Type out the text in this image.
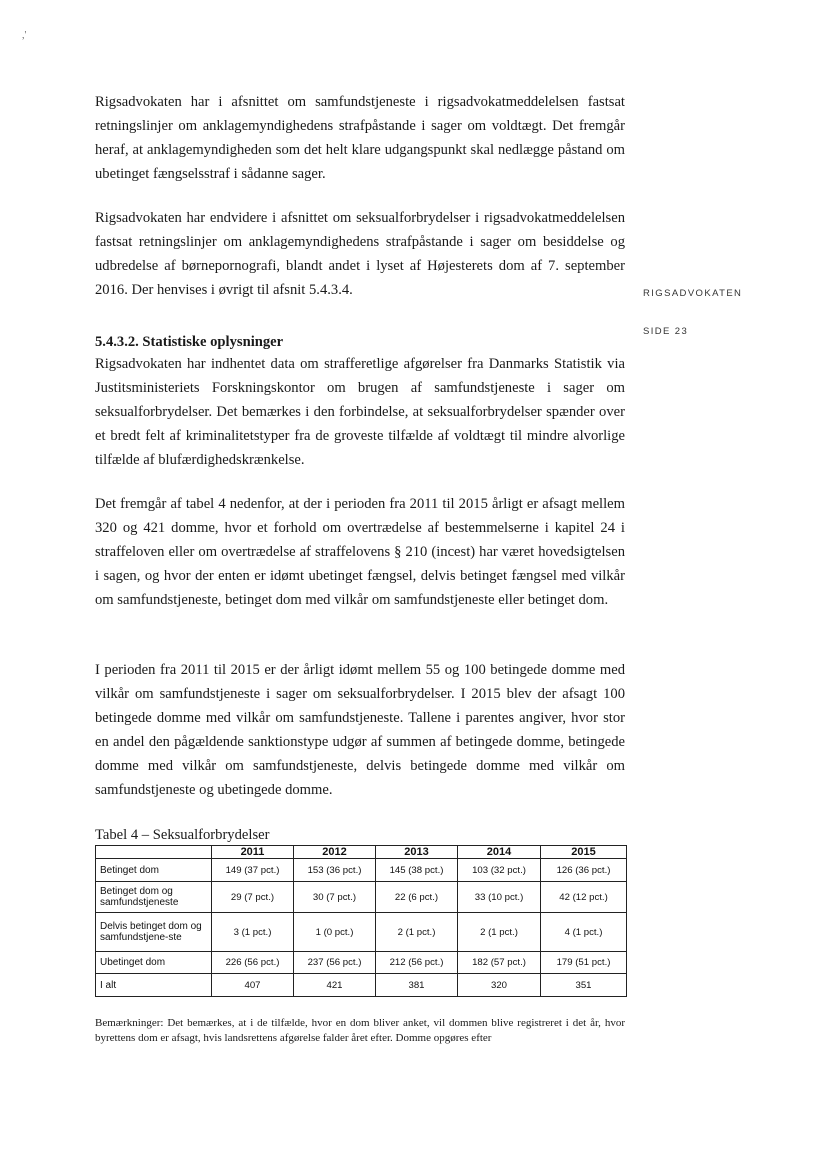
,'

Rigsadvokaten har i afsnittet om samfundstjeneste i rigsadvokatmeddelelsen fastsat retningslinjer om anklagemyndighedens strafpåstande i sager om voldtægt. Det fremgår heraf, at anklagemyndigheden som det helt klare udgangspunkt skal nedlægge påstand om ubetinget fængselsstraf i sådanne sager.

Rigsadvokaten har endvidere i afsnittet om seksualforbrydelser i rigsadvokatmeddelelsen fastsat retningslinjer om anklagemyndighedens strafpåstande i sager om besiddelse og udbredelse af børnepornografi, blandt andet i lyset af Højesterets dom af 7. september 2016. Der henvises i øvrigt til afsnit 5.4.3.4.

5.4.3.2. Statistiske oplysninger

Rigsadvokaten har indhentet data om strafferetlige afgørelser fra Danmarks Statistik via Justitsministeriets Forskningskontor om brugen af samfundstjeneste i sager om seksualforbrydelser. Det bemærkes i den forbindelse, at seksualforbrydelser spænder over et bredt felt af kriminalitetstyper fra de groveste tilfælde af voldtægt til mindre alvorlige tilfælde af blufærdighedskrænkelse.

Det fremgår af tabel 4 nedenfor, at der i perioden fra 2011 til 2015 årligt er afsagt mellem 320 og 421 domme, hvor et forhold om overtrædelse af bestemmelserne i kapitel 24 i straffeloven eller om overtrædelse af straffelovens § 210 (incest) har været hovedsigtelsen i sagen, og hvor der enten er idømt ubetinget fængsel, delvis betinget fængsel med vilkår om samfundstjeneste, betinget dom med vilkår om samfundstjeneste eller betinget dom.

I perioden fra 2011 til 2015 er der årligt idømt mellem 55 og 100 betingede domme med vilkår om samfundstjeneste i sager om seksualforbrydelser. I 2015 blev der afsagt 100 betingede domme med vilkår om samfundstjeneste. Tallene i parentes angiver, hvor stor en andel den pågældende sanktionstype udgør af summen af betingede domme, betingede domme med vilkår om samfundstjeneste, delvis betingede domme med vilkår om samfundstjeneste og ubetingede domme.

RIGSADVOKATEN
SIDE 23
Tabel 4 – Seksualforbrydelser
	2011	2012	2013	2014	2015
Betinget dom	149 (37 pct.)	153 (36 pct.)	145 (38 pct.)	103 (32 pct.)	126 (36 pct.)
Betinget dom og samfundstjeneste	29 (7 pct.)	30 (7 pct.)	22 (6 pct.)	33 (10 pct.)	42 (12 pct.)
Delvis betinget dom og samfundstjene-ste	3 (1 pct.)	1 (0 pct.)	2 (1 pct.)	2 (1 pct.)	4 (1 pct.)
Ubetinget dom	226 (56 pct.)	237 (56 pct.)	212 (56 pct.)	182 (57 pct.)	179 (51 pct.)
I alt	407	421	381	320	351
Bemærkninger: Det bemærkes, at i de tilfælde, hvor en dom bliver anket, vil dommen blive registreret i det år, hvor byrettens dom er afsagt, hvis landsrettens afgørelse falder året efter. Domme opgøres efter
